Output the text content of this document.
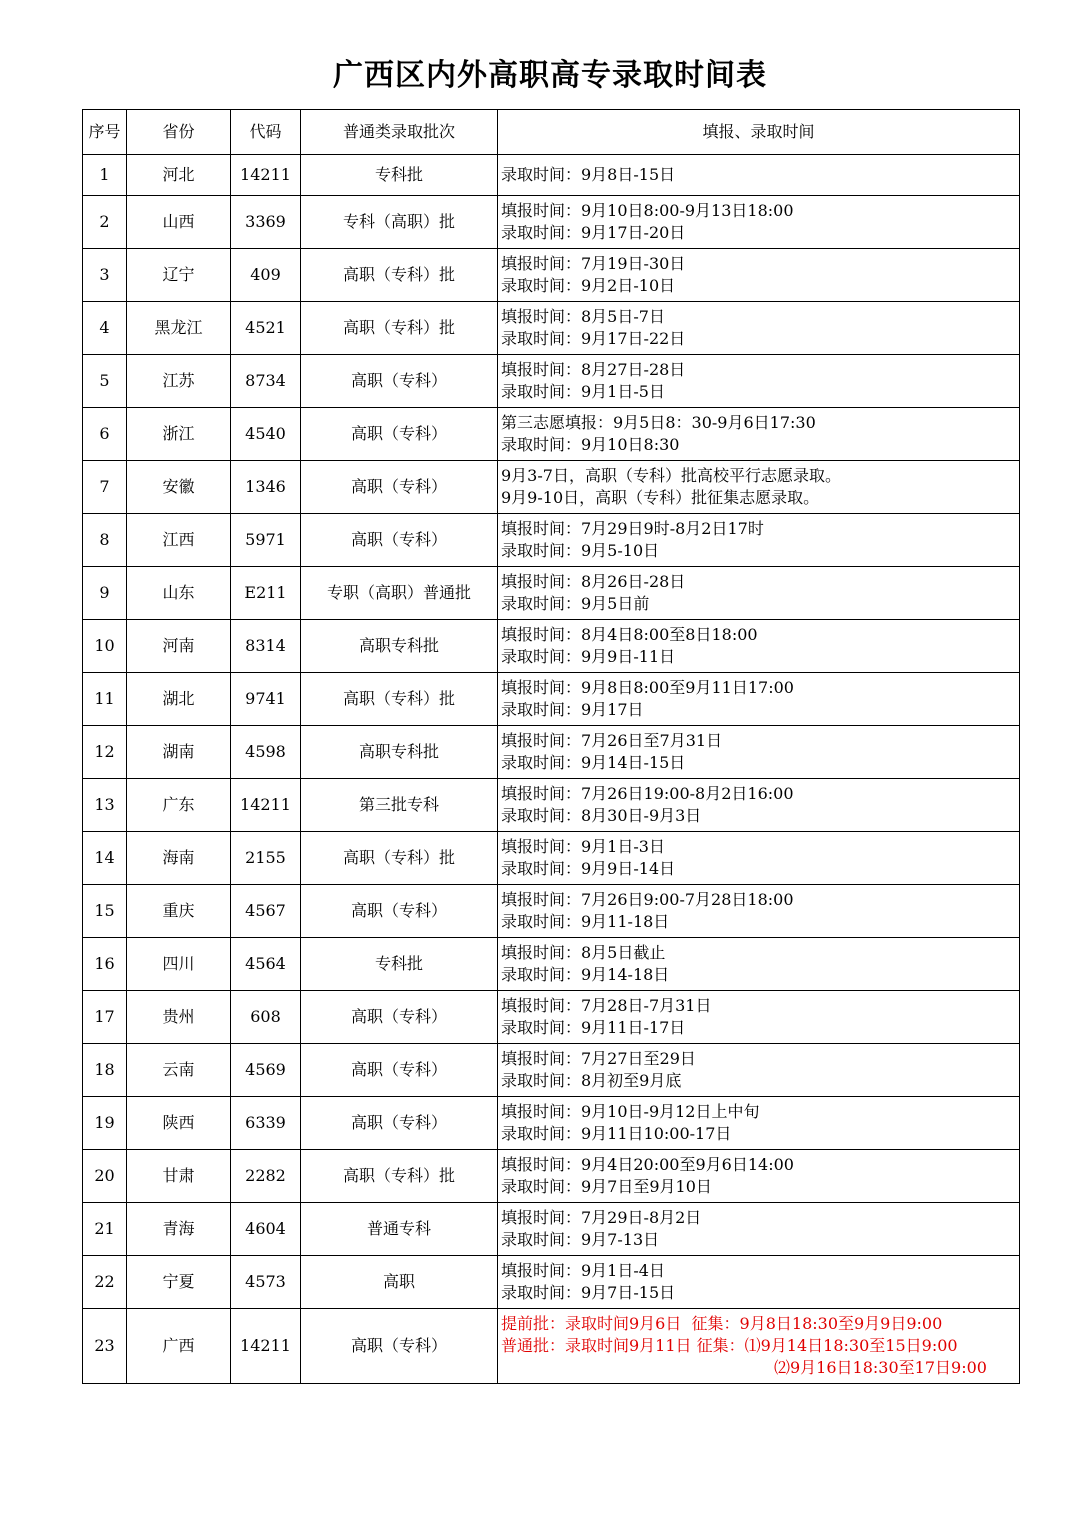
广西区内外高职高专录取时间表
序号	省份	代码	普通类录取批次	填报、录取时间
1	河北	14211	专科批	录取时间：9月8日-15日

2	山西	3369	专科（高职）批	填报时间：9月10日8:00-9月13日18:00
录取时间：9月17日-20日

3	辽宁	409	高职（专科）批	填报时间：7月19日-30日
录取时间：9月2日-10日

4	黑龙江	4521	高职（专科）批	填报时间：8月5日-7日
录取时间：9月17日-22日

5	江苏	8734	高职（专科）	填报时间：8月27日-28日
录取时间：9月1日-5日

6	浙江	4540	高职（专科）	第三志愿填报：9月5日8：30-9月6日17:30
录取时间：9月10日8:30

7	安徽	1346	高职（专科）	9月3-7日，高职（专科）批高校平行志愿录取。
9月9-10日，高职（专科）批征集志愿录取。

8	江西	5971	高职（专科）	填报时间：7月29日9时-8月2日17时
录取时间：9月5-10日

9	山东	E211	专职（高职）普通批	填报时间：8月26日-28日
录取时间：9月5日前

10	河南	8314	高职专科批	填报时间：8月4日8:00至8日18:00
录取时间：9月9日-11日

11	湖北	9741	高职（专科）批	填报时间：9月8日8:00至9月11日17:00
录取时间：9月17日

12	湖南	4598	高职专科批	填报时间：7月26日至7月31日
录取时间：9月14日-15日

13	广东	14211	第三批专科	填报时间：7月26日19:00-8月2日16:00
录取时间：8月30日-9月3日

14	海南	2155	高职（专科）批	填报时间：9月1日-3日
录取时间：9月9日-14日

15	重庆	4567	高职（专科）	填报时间：7月26日9:00-7月28日18:00
录取时间：9月11-18日

16	四川	4564	专科批	填报时间：8月5日截止
录取时间：9月14-18日

17	贵州	608	高职（专科）	填报时间：7月28日-7月31日
录取时间：9月11日-17日

18	云南	4569	高职（专科）	填报时间：7月27日至29日
录取时间：8月初至9月底

19	陕西	6339	高职（专科）	填报时间：9月10日-9月12日上中旬
录取时间：9月11日10:00-17日

20	甘肃	2282	高职（专科）批	填报时间：9月4日20:00至9月6日14:00
录取时间：9月7日至9月10日

21	青海	4604	普通专科	填报时间：7月29日-8月2日
录取时间：9月7-13日

22	宁夏	4573	高职	填报时间：9月1日-4日
录取时间：9月7日-15日

23	广西	14211	高职（专科）	提前批：录取时间9月6日  征集：9月8日18:30至9月9日9:00
普通批：录取时间9月11日 征集：⑴9月14日18:30至15日9:00
⑵9月16日18:30至17日9:00
